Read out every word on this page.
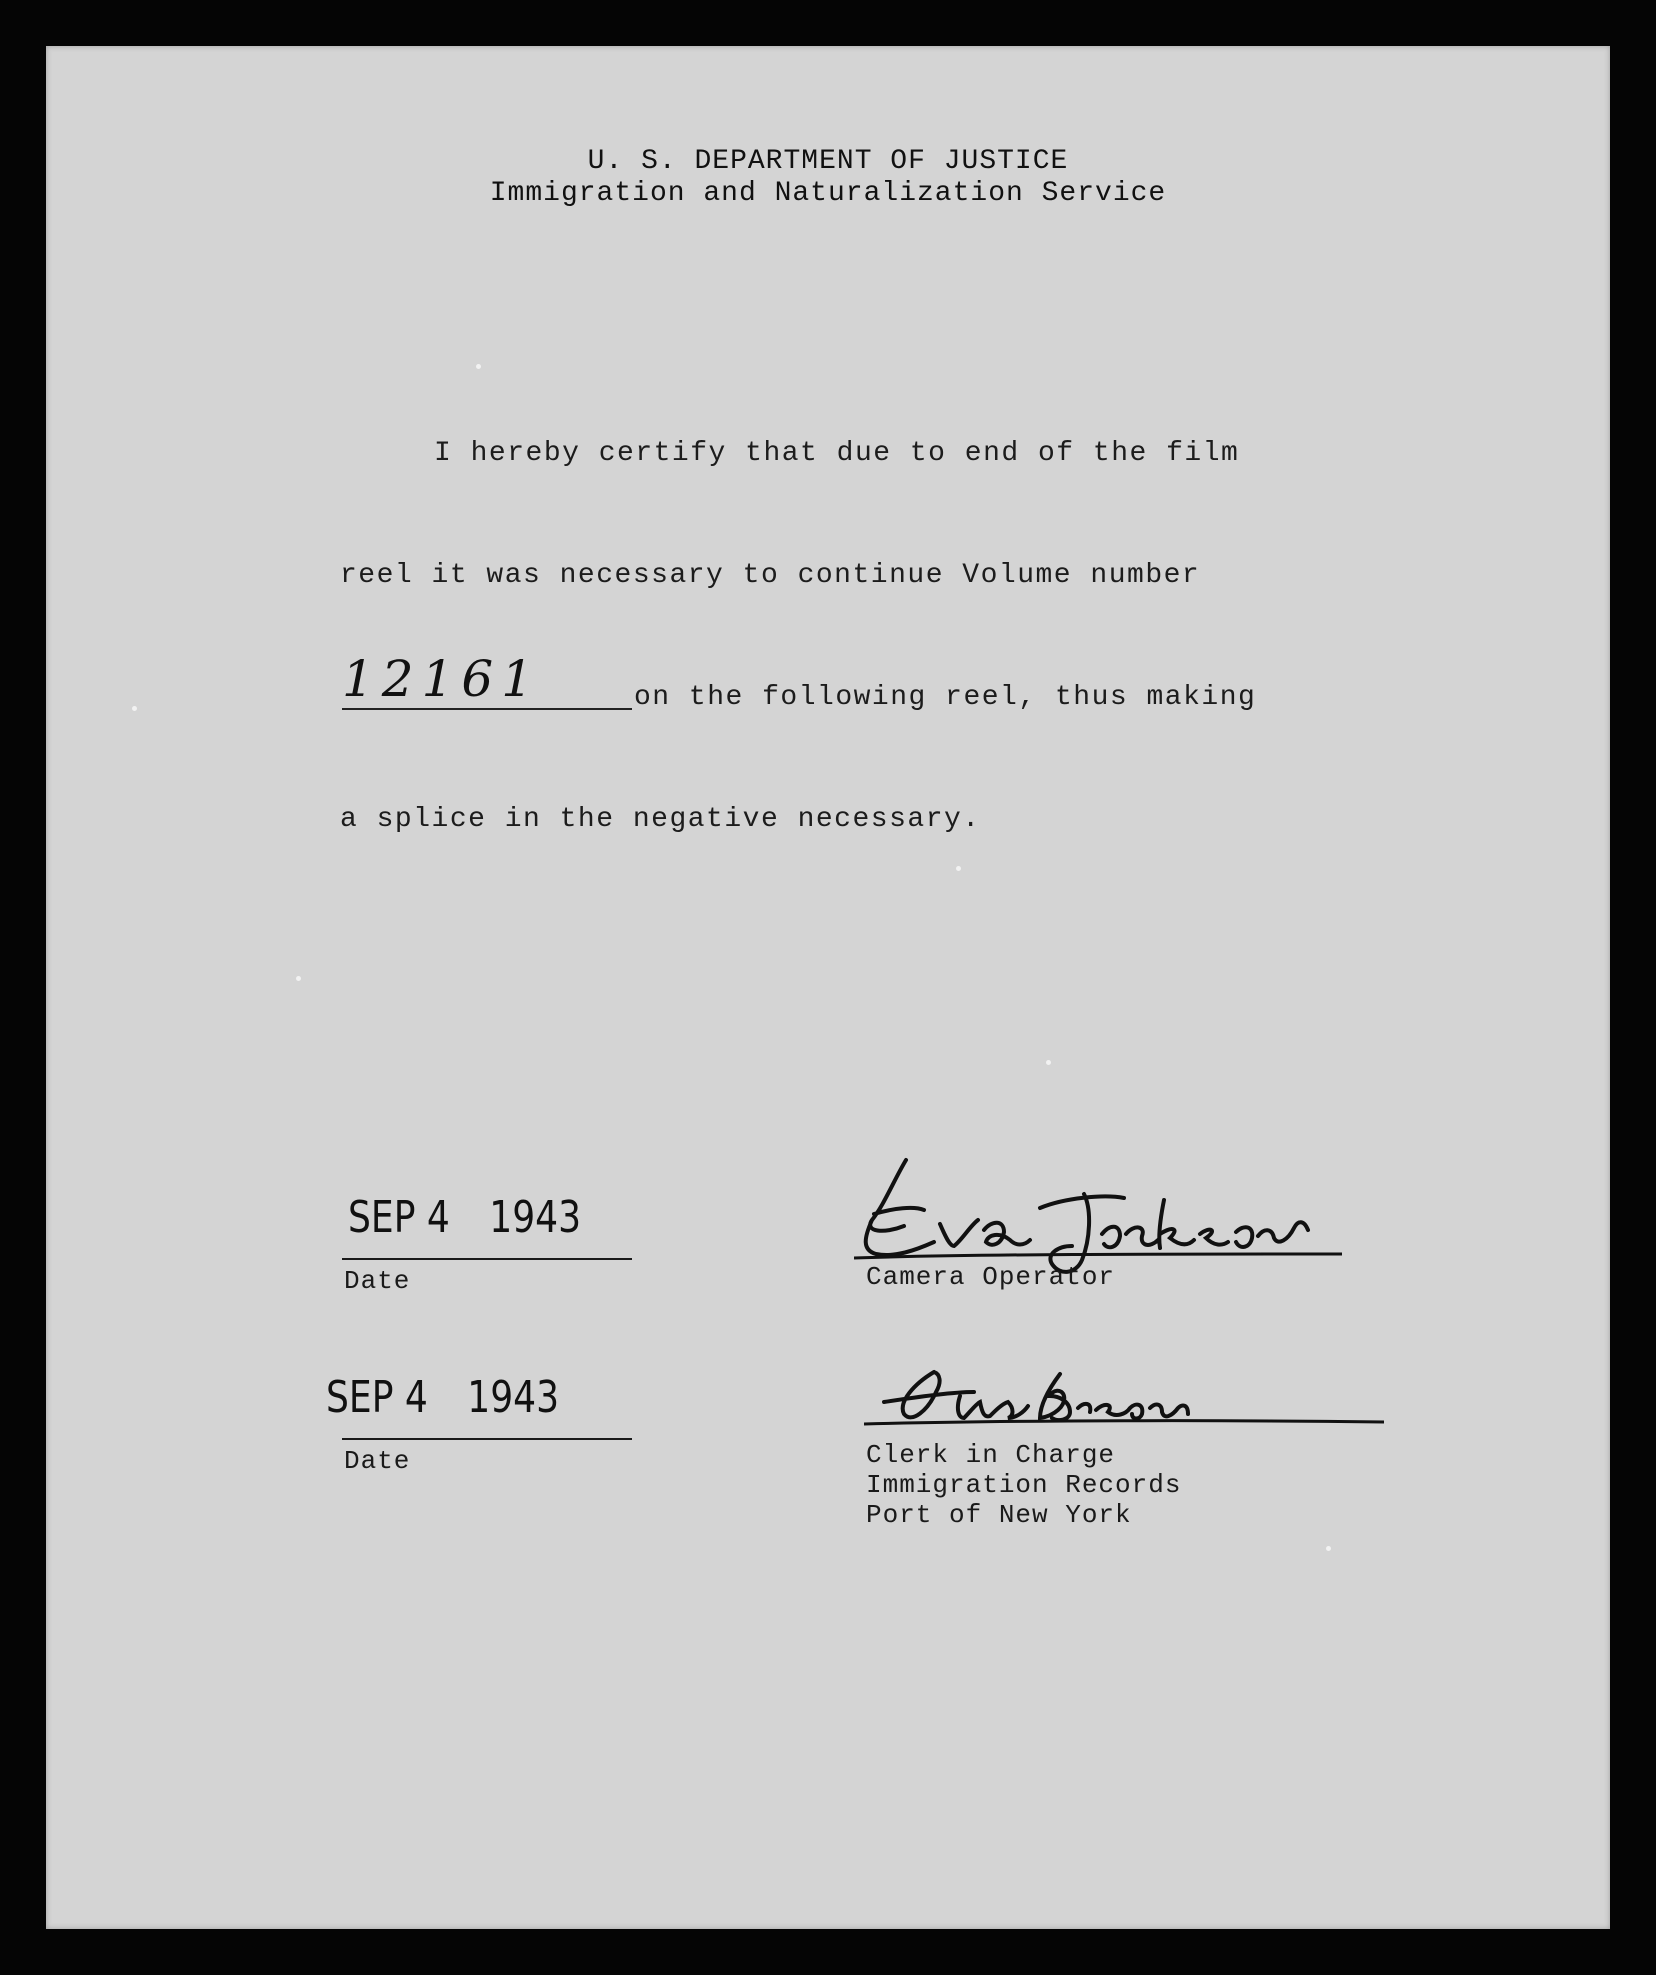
U. S. DEPARTMENT OF JUSTICE
Immigration and Naturalization Service
I hereby certify that due to end of the film
reel it was necessary to continue Volume number
12161	on the following reel, thus making
a splice in the negative necessary.
SEP 4 1943
Date	Camera Operator
SEP 4 1943
Date	Clerk in Charge
Immigration Records
Port of New York
